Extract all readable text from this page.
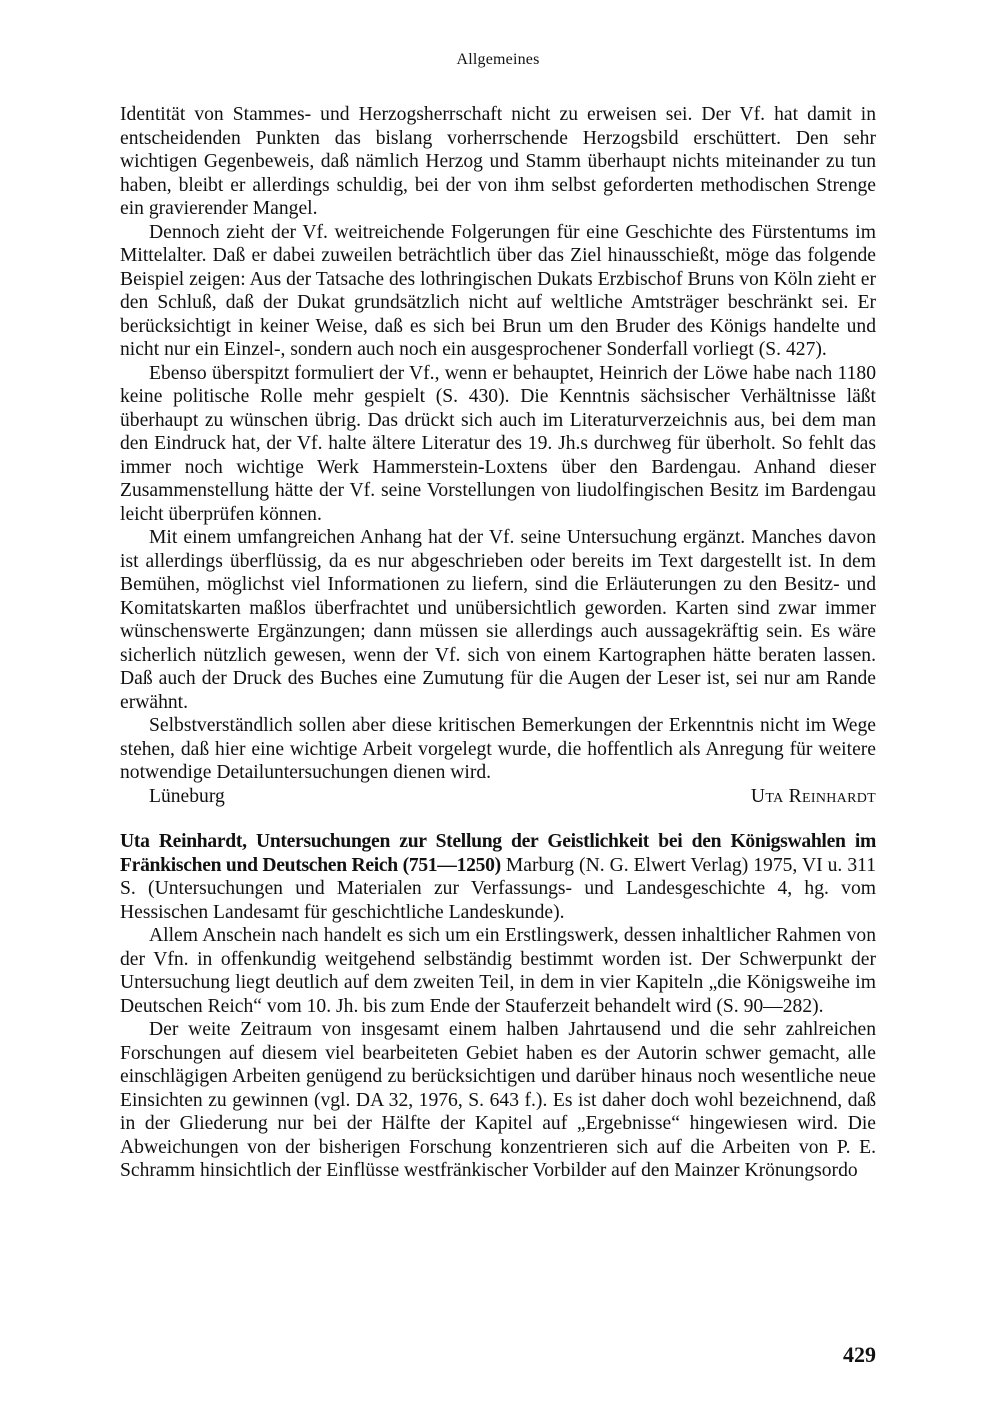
Allgemeines

Identität von Stammes- und Herzogsherrschaft nicht zu erweisen sei. Der Vf. hat damit in entscheidenden Punkten das bislang vorherrschende Herzogsbild erschüttert. Den sehr wichtigen Gegenbeweis, daß nämlich Herzog und Stamm überhaupt nichts miteinander zu tun haben, bleibt er allerdings schuldig, bei der von ihm selbst geforderten methodischen Strenge ein gravierender Mangel.

Dennoch zieht der Vf. weitreichende Folgerungen für eine Geschichte des Fürstentums im Mittelalter. Daß er dabei zuweilen beträchtlich über das Ziel hinausschießt, möge das folgende Beispiel zeigen: Aus der Tatsache des lothringischen Dukats Erzbischof Bruns von Köln zieht er den Schluß, daß der Dukat grundsätzlich nicht auf weltliche Amtsträger beschränkt sei. Er berücksichtigt in keiner Weise, daß es sich bei Brun um den Bruder des Königs handelte und nicht nur ein Einzel-, sondern auch noch ein ausgesprochener Sonderfall vorliegt (S. 427).

Ebenso überspitzt formuliert der Vf., wenn er behauptet, Heinrich der Löwe habe nach 1180 keine politische Rolle mehr gespielt (S. 430). Die Kenntnis sächsischer Verhältnisse läßt überhaupt zu wünschen übrig. Das drückt sich auch im Literaturverzeichnis aus, bei dem man den Eindruck hat, der Vf. halte ältere Literatur des 19. Jh.s durchweg für überholt. So fehlt das immer noch wichtige Werk Hammerstein-Loxtens über den Bardengau. Anhand dieser Zusammenstellung hätte der Vf. seine Vorstellungen von liudolfingischen Besitz im Bardengau leicht überprüfen können.

Mit einem umfangreichen Anhang hat der Vf. seine Untersuchung ergänzt. Manches davon ist allerdings überflüssig, da es nur abgeschrieben oder bereits im Text dargestellt ist. In dem Bemühen, möglichst viel Informationen zu liefern, sind die Erläuterungen zu den Besitz- und Komitatskarten maßlos überfrachtet und unübersichtlich geworden. Karten sind zwar immer wünschenswerte Ergänzungen; dann müssen sie allerdings auch aussagekräftig sein. Es wäre sicherlich nützlich gewesen, wenn der Vf. sich von einem Kartographen hätte beraten lassen. Daß auch der Druck des Buches eine Zumutung für die Augen der Leser ist, sei nur am Rande erwähnt.

Selbstverständlich sollen aber diese kritischen Bemerkungen der Erkenntnis nicht im Wege stehen, daß hier eine wichtige Arbeit vorgelegt wurde, die hoffentlich als Anregung für weitere notwendige Detailuntersuchungen dienen wird.

Lüneburg	Uta Reinhardt

Uta Reinhardt, Untersuchungen zur Stellung der Geistlichkeit bei den Königswahlen im Fränkischen und Deutschen Reich (751—1250) Marburg (N. G. Elwert Verlag) 1975, VI u. 311 S. (Untersuchungen und Materialen zur Verfassungs- und Landesgeschichte 4, hg. vom Hessischen Landesamt für geschichtliche Landeskunde).

Allem Anschein nach handelt es sich um ein Erstlingswerk, dessen inhaltlicher Rahmen von der Vfn. in offenkundig weitgehend selbständig bestimmt worden ist. Der Schwerpunkt der Untersuchung liegt deutlich auf dem zweiten Teil, in dem in vier Kapiteln „die Königsweihe im Deutschen Reich“ vom 10. Jh. bis zum Ende der Stauferzeit behandelt wird (S. 90—282).

Der weite Zeitraum von insgesamt einem halben Jahrtausend und die sehr zahlreichen Forschungen auf diesem viel bearbeiteten Gebiet haben es der Autorin schwer gemacht, alle einschlägigen Arbeiten genügend zu berücksichtigen und darüber hinaus noch wesentliche neue Einsichten zu gewinnen (vgl. DA 32, 1976, S. 643 f.). Es ist daher doch wohl bezeichnend, daß in der Gliederung nur bei der Hälfte der Kapitel auf „Ergebnisse“ hingewiesen wird. Die Abweichungen von der bisherigen Forschung konzentrieren sich auf die Arbeiten von P. E. Schramm hinsichtlich der Einflüsse westfränkischer Vorbilder auf den Mainzer Krönungsordo

429
